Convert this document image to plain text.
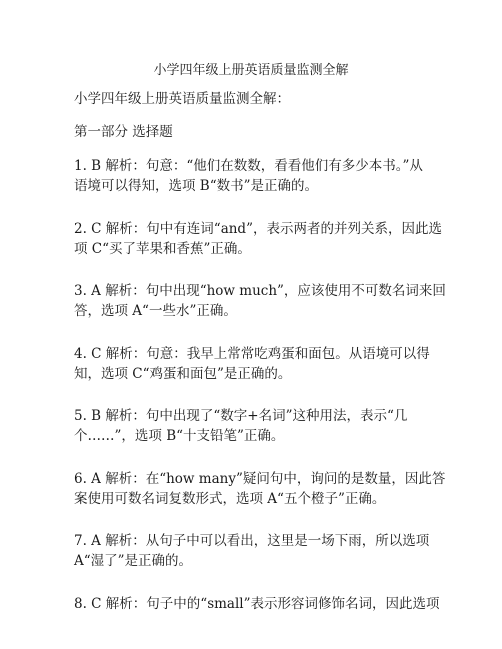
小学四年级上册英语质量监测全解
小学四年级上册英语质量监测全解：
第一部分 选择题
1. B 解析：句意：“他们在数数，看看他们有多少本书。”从
语境可以得知，选项 B“数书”是正确的。
2. C 解析：句中有连词“and”，表示两者的并列关系，因此选
项 C“买了苹果和香蕉”正确。
3. A 解析：句中出现“how much”，应该使用不可数名词来回
答，选项 A“一些水”正确。
4. C 解析：句意：我早上常常吃鸡蛋和面包。从语境可以得
知，选项 C“鸡蛋和面包”是正确的。
5. B 解析：句中出现了“数字+名词”这种用法，表示“几
个……”，选项 B“十支铅笔”正确。
6. A 解析：在“how many”疑问句中，询问的是数量，因此答
案使用可数名词复数形式，选项 A“五个橙子”正确。
7. A 解析：从句子中可以看出，这里是一场下雨，所以选项
A“湿了”是正确的。
8. C 解析：句子中的“small”表示形容词修饰名词，因此选项
